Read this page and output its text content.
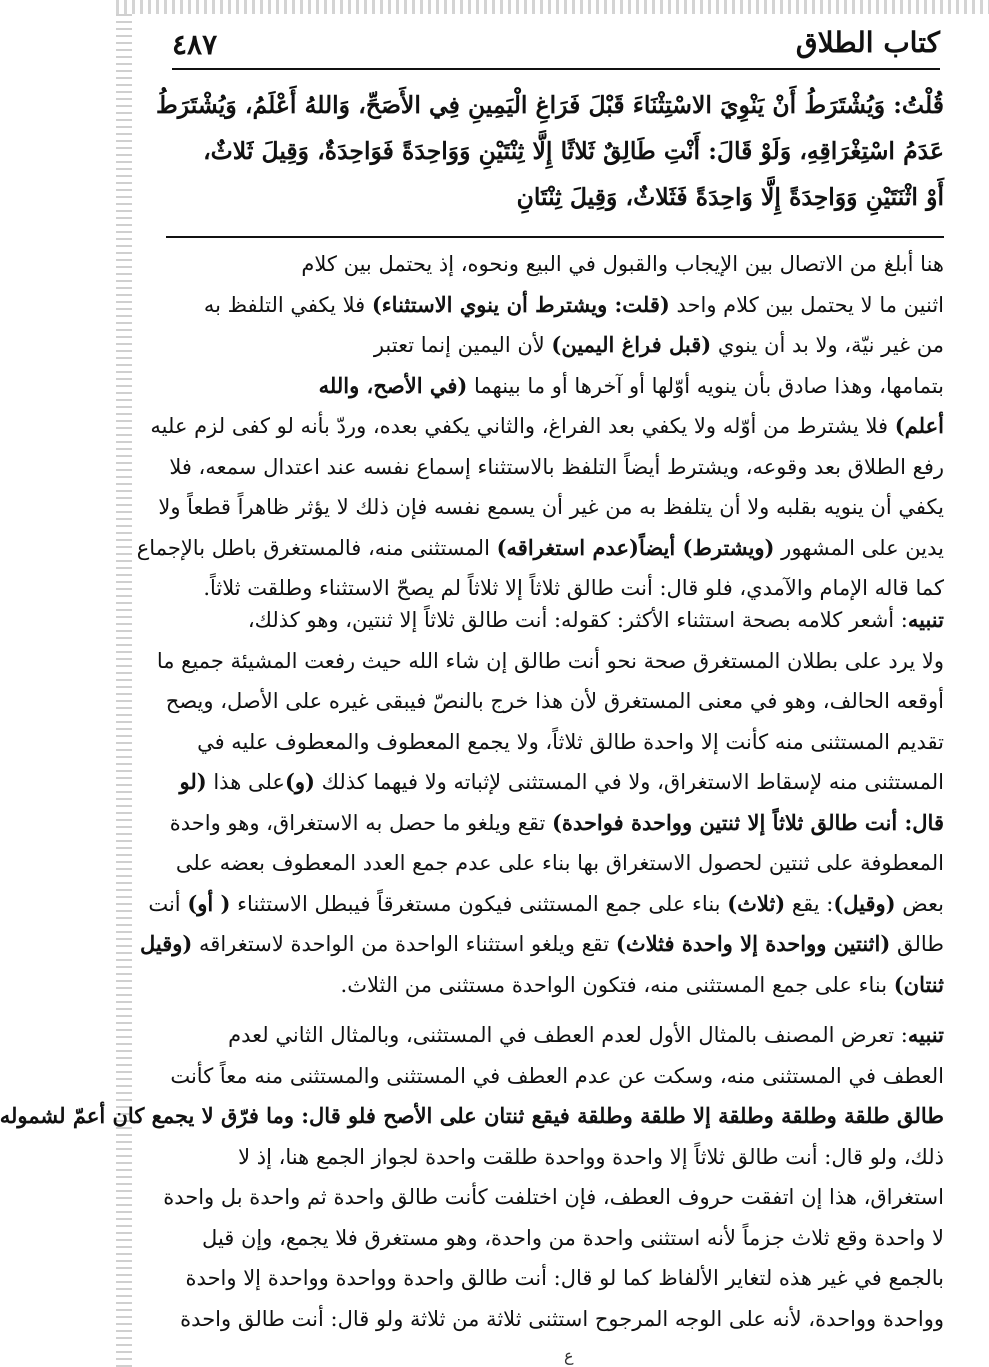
٤٨٧	كتاب الطلاق
قُلْتُ: وَيُشْتَرَطُ أَنْ يَنْوِيَ الاسْتِثْنَاءَ قَبْلَ فَرَاغِ الْيَمِينِ فِي الأَصَحِّ، وَاللهُ أَعْلَمُ، وَيُشْتَرَطُ
عَدَمُ اسْتِغْرَاقِهِ، وَلَوْ قَالَ: أَنْتِ طَالِقٌ ثَلاثًا إِلَّا ثِنْتَيْنِ وَوَاحِدَةً فَوَاحِدَةٌ، وَقِيلَ ثَلاثٌ،
أَوْ اثْنَتَيْنِ وَوَاحِدَةً إِلَّا وَاحِدَةً فَثَلاثٌ، وَقِيلَ ثِنْتَانِ
هنا أبلغ من الاتصال بين الإيجاب والقبول في البيع ونحوه، إذ يحتمل بين كلام
اثنين ما لا يحتمل بين كلام واحد (قلت: ويشترط أن ينوي الاستثناء) فلا يكفي التلفظ به
من غير نيّة، ولا بد أن ينوي (قبل فراغ اليمين) لأن اليمين إنما تعتبر
بتمامها، وهذا صادق بأن ينويه أوّلها أو آخرها أو ما بينهما (في الأصح، والله
أعلم) فلا يشترط من أوّله ولا يكفي بعد الفراغ، والثاني يكفي بعده، وردّ بأنه لو كفى لزم عليه
رفع الطلاق بعد وقوعه، ويشترط أيضاً التلفظ بالاستثناء إسماع نفسه عند اعتدال سمعه، فلا
يكفي أن ينويه بقلبه ولا أن يتلفظ به من غير أن يسمع نفسه فإن ذلك لا يؤثر ظاهراً قطعاً ولا
يدين على المشهور (ويشترط) أيضاً(عدم استغراقه) المستثنى منه، فالمستغرق باطل بالإجماع
كما قاله الإمام والآمدي، فلو قال: أنت طالق ثلاثاً إلا ثلاثاً لم يصحّ الاستثناء وطلقت ثلاثاً.
تنبيه: أشعر كلامه بصحة استثناء الأكثر: كقوله: أنت طالق ثلاثاً إلا ثنتين، وهو كذلك،
ولا يرد على بطلان المستغرق صحة نحو أنت طالق إن شاء الله حيث رفعت المشيئة جميع ما
أوقعه الحالف، وهو في معنى المستغرق لأن هذا خرج بالنصّ فيبقى غيره على الأصل، ويصح
تقديم المستثنى منه كأنت إلا واحدة طالق ثلاثاً، ولا يجمع المعطوف والمعطوف عليه في
المستثنى منه لإسقاط الاستغراق، ولا في المستثنى لإثباته ولا فيهما كذلك (و)على هذا (لو
قال: أنت طالق ثلاثاً إلا ثنتين وواحدة فواحدة) تقع ويلغو ما حصل به الاستغراق، وهو واحدة
المعطوفة على ثنتين لحصول الاستغراق بها بناء على عدم جمع العدد المعطوف بعضه على
بعض (وقيل): يقع (ثلاث) بناء على جمع المستثنى فيكون مستغرقاً فيبطل الاستثناء ( أو) أنت
طالق (اثنتين وواحدة إلا واحدة فثلاث) تقع ويلغو استثناء الواحدة من الواحدة لاستغراقه (وقيل
ثنتان) بناء على جمع المستثنى منه، فتكون الواحدة مستثنى من الثلاث.
تنبيه: تعرض المصنف بالمثال الأول لعدم العطف في المستثنى، وبالمثال الثاني لعدم
العطف في المستثنى منه، وسكت عن عدم العطف في المستثنى والمستثنى منه معاً كأنت
طالق طلقة وطلقة وطلقة إلا طلقة وطلقة فيقع ثنتان على الأصح فلو قال: وما فرّق لا يجمع كان أعمّ لشموله
ذلك، ولو قال: أنت طالق ثلاثاً إلا واحدة وواحدة طلقت واحدة لجواز الجمع هنا، إذ لا
استغراق، هذا إن اتفقت حروف العطف، فإن اختلفت كأنت طالق واحدة ثم واحدة بل واحدة
لا واحدة وقع ثلاث جزماً لأنه استثنى واحدة من واحدة، وهو مستغرق فلا يجمع، وإن قيل
بالجمع في غير هذه لتغاير الألفاظ كما لو قال: أنت طالق واحدة وواحدة وواحدة إلا واحدة
وواحدة وواحدة، لأنه على الوجه المرجوح استثنى ثلاثة من ثلاثة ولو قال: أنت طالق واحدة
ع
